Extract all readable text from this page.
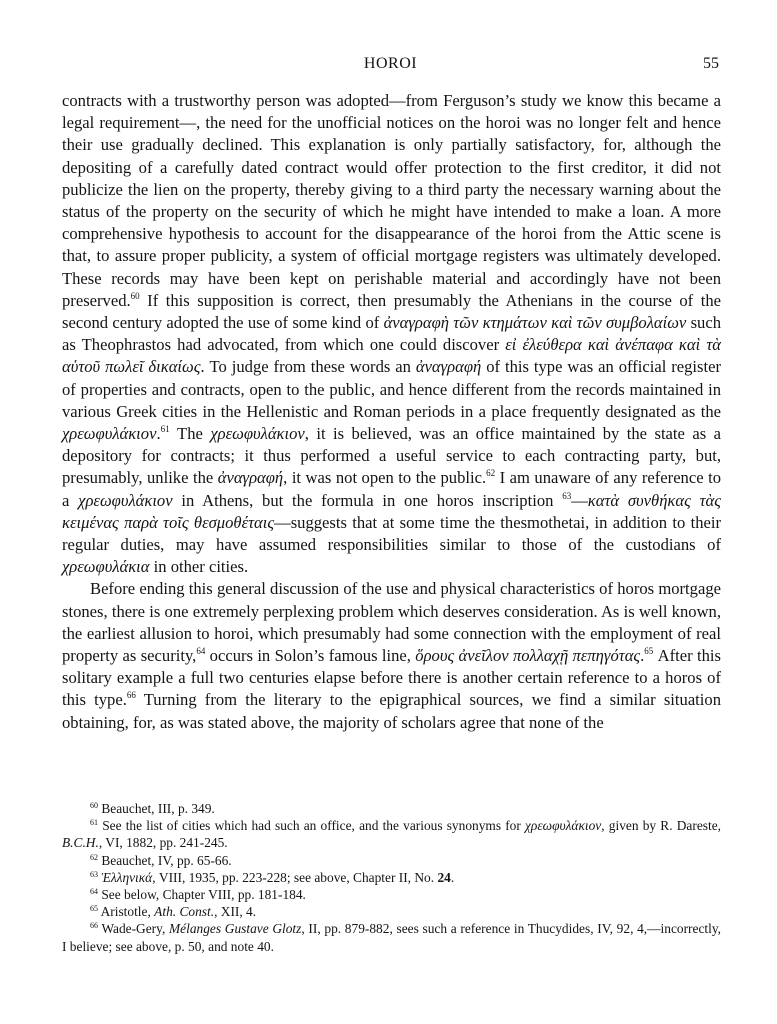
HOROI	55

contracts with a trustworthy person was adopted—from Ferguson’s study we know this became a legal requirement—, the need for the unofficial notices on the horoi was no longer felt and hence their use gradually declined. This explanation is only partially satisfactory, for, although the depositing of a carefully dated contract would offer protection to the first creditor, it did not publicize the lien on the property, thereby giving to a third party the necessary warning about the status of the property on the security of which he might have intended to make a loan. A more comprehensive hypothesis to account for the disappearance of the horoi from the Attic scene is that, to assure proper publicity, a system of official mortgage registers was ultimately developed. These records may have been kept on perishable material and accordingly have not been preserved.$^{60}$ If this supposition is correct, then presumably the Athenians in the course of the second century adopted the use of some kind of ἀναγραφὴ τῶν κτημάτων καὶ τῶν συμβολαίων such as Theophrastos had advocated, from which one could discover εἰ ἐλεύθερα καὶ ἀνέπαφα καὶ τὰ αὑτοῦ πωλεῖ δικαίως. To judge from these words an ἀναγραφή of this type was an official register of properties and contracts, open to the public, and hence different from the records maintained in various Greek cities in the Hellenistic and Roman periods in a place frequently designated as the χρεωφυλάκιον.$^{61}$ The χρεωφυλάκιον, it is believed, was an office maintained by the state as a depository for contracts; it thus performed a useful service to each contracting party, but, presumably, unlike the ἀναγραφή, it was not open to the public.$^{62}$ I am unaware of any reference to a χρεωφυλάκιον in Athens, but the formula in one horos inscription $^{63}$—κατὰ συνθήκας τὰς κειμένας παρὰ τοῖς θεσμοθέταις—suggests that at some time the thesmothetai, in addition to their regular duties, may have assumed responsibilities similar to those of the custodians of χρεωφυλάκια in other cities.

Before ending this general discussion of the use and physical characteristics of horos mortgage stones, there is one extremely perplexing problem which deserves consideration. As is well known, the earliest allusion to horoi, which presumably had some connection with the employment of real property as security,$^{64}$ occurs in Solon’s famous line, ὅρους ἀνεῖλον πολλαχῇ πεπηγότας.$^{65}$ After this solitary example a full two centuries elapse before there is another certain reference to a horos of this type.$^{66}$ Turning from the literary to the epigraphical sources, we find a similar situation obtaining, for, as was stated above, the majority of scholars agree that none of the

$^{60}$ Beauchet, III, p. 349.

$^{61}$ See the list of cities which had such an office, and the various synonyms for χρεωφυλάκιον, given by R. Dareste, B.C.H., VI, 1882, pp. 241-245.

$^{62}$ Beauchet, IV, pp. 65-66.

$^{63}$ Ἑλληνικά, VIII, 1935, pp. 223-228; see above, Chapter II, No. 24.

$^{64}$ See below, Chapter VIII, pp. 181-184.

$^{65}$ Aristotle, Ath. Const., XII, 4.

$^{66}$ Wade-Gery, Mélanges Gustave Glotz, II, pp. 879-882, sees such a reference in Thucydides, IV, 92, 4,—incorrectly, I believe; see above, p. 50, and note 40.
